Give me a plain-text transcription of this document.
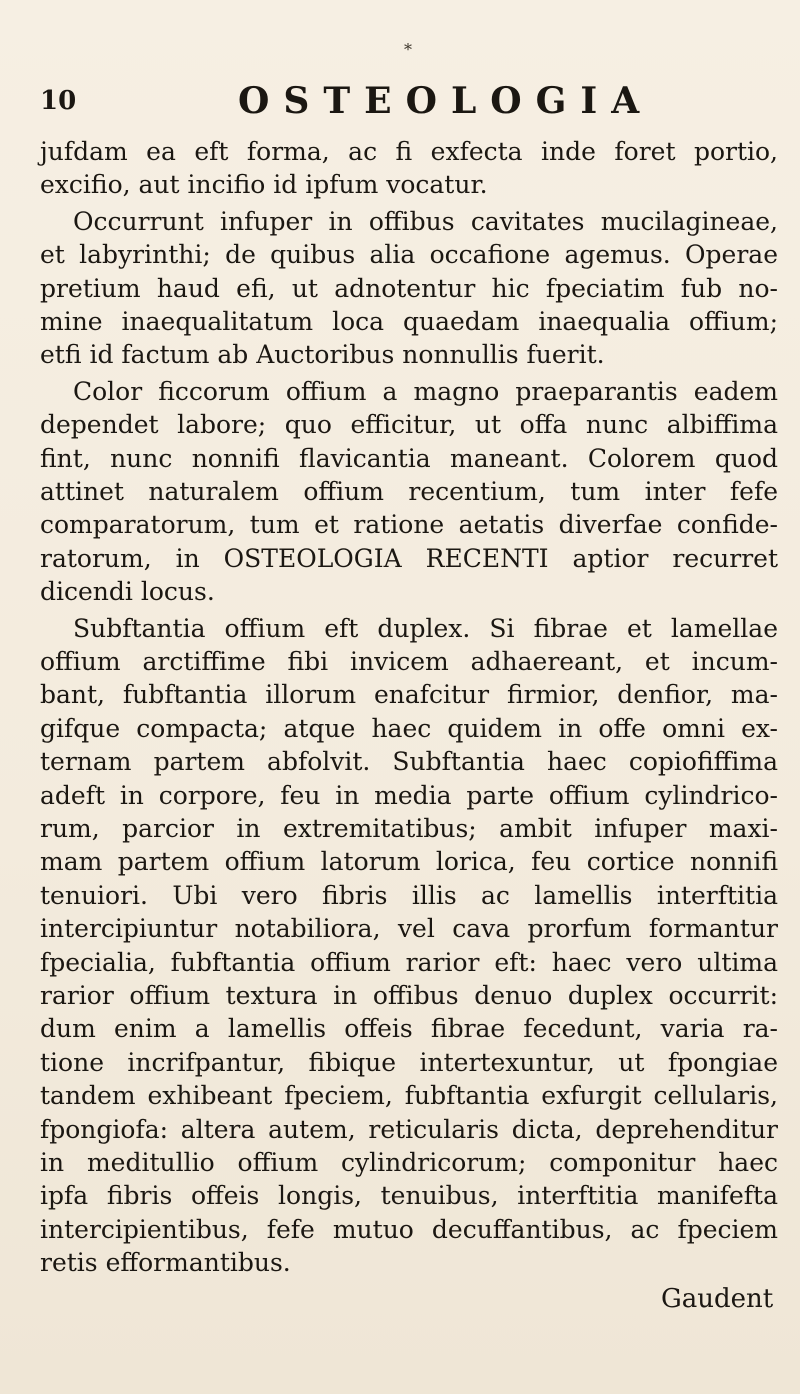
*
10	OSTEOLOGIA
jufdam ea eft forma, ac fi exfecta inde foret portio,
excifio, aut incifio id ipfum vocatur.
Occurrunt infuper in offibus cavitates mucilagineae,
et labyrinthi; de quibus alia occafione agemus. Operae
pretium haud efi, ut adnotentur hic fpeciatim fub no-
mine inaequalitatum loca quaedam inaequalia offium;
etfi id factum ab Auctoribus nonnullis fuerit.
Color ficcorum offium a magno praeparantis eadem
dependet labore; quo efficitur, ut offa nunc albiffima
fint, nunc nonnifi flavicantia maneant. Colorem quod
attinet naturalem offium recentium, tum inter fefe
comparatorum, tum et ratione aetatis diverfae confide-
ratorum, in OSTEOLOGIA RECENTI aptior recurret
dicendi locus.
Subftantia offium eft duplex. Si fibrae et lamellae
offium arctiffime fibi invicem adhaereant, et incum-
bant, fubftantia illorum enafcitur firmior, denfior, ma-
gifque compacta; atque haec quidem in offe omni ex-
ternam partem abfolvit. Subftantia haec copiofiffima
adeft in corpore, feu in media parte offium cylindrico-
rum, parcior in extremitatibus; ambit infuper maxi-
mam partem offium latorum lorica, feu cortice nonnifi
tenuiori. Ubi vero fibris illis ac lamellis interftitia
intercipiuntur notabiliora, vel cava prorfum formantur
fpecialia, fubftantia offium rarior eft: haec vero ultima
rarior offium textura in offibus denuo duplex occurrit:
dum enim a lamellis offeis fibrae fecedunt, varia ra-
tione incrifpantur, fibique intertexuntur, ut fpongiae
tandem exhibeant fpeciem, fubftantia exfurgit cellularis,
fpongiofa: altera autem, reticularis dicta, deprehenditur
in meditullio offium cylindricorum; componitur haec
ipfa fibris offeis longis, tenuibus, interftitia manifefta
intercipientibus, fefe mutuo decuffantibus, ac fpeciem
retis efformantibus.
Gaudent
